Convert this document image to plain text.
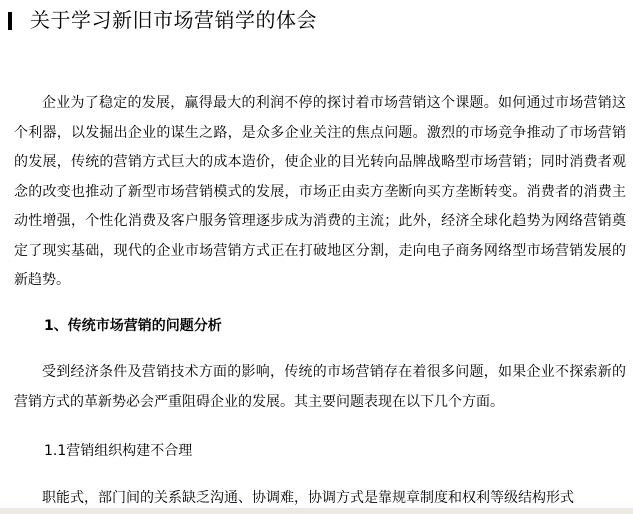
关于学习新旧市场营销学的体会

企业为了稳定的发展，赢得最大的利润不停的探讨着市场营销这个课题。如何通过市场营销这个利器，以发掘出企业的谋生之路，是众多企业关注的焦点问题。激烈的市场竞争推动了市场营销的发展，传统的营销方式巨大的成本造价，使企业的目光转向品牌战略型市场营销；同时消费者观念的改变也推动了新型市场营销模式的发展，市场正由卖方垄断向买方垄断转变。消费者的消费主动性增强，个性化消费及客户服务管理逐步成为消费的主流；此外，经济全球化趋势为网络营销奠定了现实基础，现代的企业市场营销方式正在打破地区分割，走向电子商务网络型市场营销发展的新趋势。

1、传统市场营销的问题分析

受到经济条件及营销技术方面的影响，传统的市场营销存在着很多问题，如果企业不探索新的营销方式的革新势必会严重阻碍企业的发展。其主要问题表现在以下几个方面。

1.1营销组织构建不合理

职能式，部门间的关系缺乏沟通、协调难，协调方式是靠规章制度和权利等级结构形式
